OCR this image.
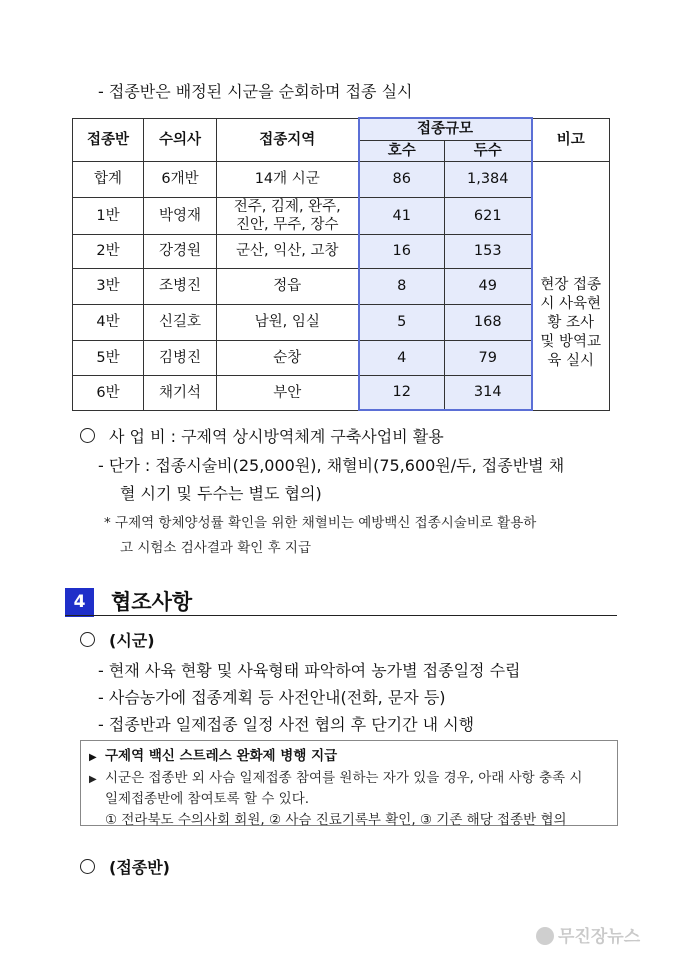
- 접종반은 배정된 시군을 순회하며 접종 실시
접종반	수의사	접종지역	접종규모		비고
			호수	두수	
합계	6개반	14개 시군	86	1,384	
1반	박영재	전주, 김제, 완주, 진안, 무주, 장수	41	621	현장 접종 시 사육현황 조사 및 방역교육 실시
2반	강경원	군산, 익산, 고창	16	153	
3반	조병진	정읍	8	49	
4반	신길호	남원, 임실	5	168	
5반	김병진	순창	4	79	
6반	채기석	부안	12	314	
사 업 비 : 구제역 상시방역체계 구축사업비 활용
- 단가 : 접종시술비(25,000원), 채혈비(75,600원/두, 접종반별 채
혈 시기 및 두수는 별도 협의)
* 구제역 항체양성률 확인을 위한 채혈비는 예방백신 접종시술비로 활용하
고 시험소 검사결과 확인 후 지급
4	협조사항
(시군)
- 현재 사육 현황 및 사육형태 파악하여 농가별 접종일정 수립
- 사슴농가에 접종계획 등 사전안내(전화, 문자 등)
- 접종반과 일제접종 일정 사전 협의 후 단기간 내 시행
▶ 구제역 백신 스트레스 완화제 병행 지급
▶ 시군은 접종반 외 사슴 일제접종 참여를 원하는 자가 있을 경우, 아래 사항 충족 시
일제접종반에 참여토록 할 수 있다.
① 전라북도 수의사회 회원, ② 사슴 진료기록부 확인, ③ 기존 해당 접종반 협의
(접종반)
무진장뉴스
